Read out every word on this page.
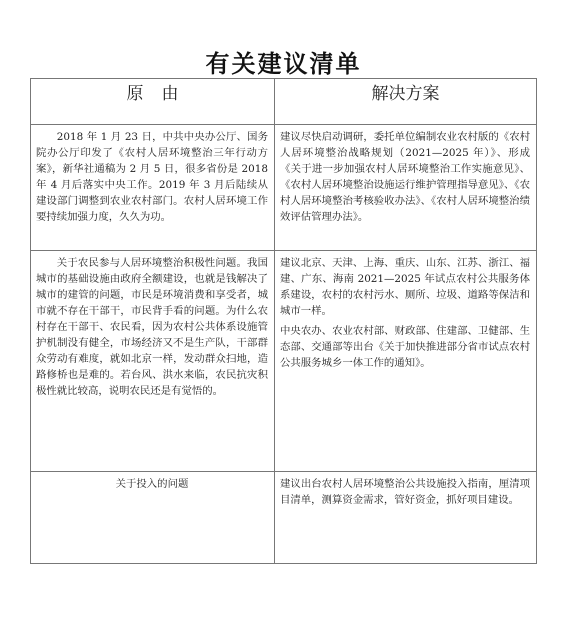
有关建议清单
原由	解决方案

2018 年 1 月 23 日，中共中央办公厅、国务院办公厅印发了《农村人居环境整治三年行动方案》，新华社通稿为 2 月 5 日，很多省份是 2018 年 4 月后落实中央工作。2019 年 3 月后陆续从建设部门调整到农业农村部门。农村人居环境工作要持续加强力度，久久为功。	建议尽快启动调研，委托单位编制农业农村版的《农村人居环境整治战略规划（2021—2025 年）》、形成《关于进一步加强农村人居环境整治工作实施意见》、《农村人居环境整治设施运行维护管理指导意见》、《农村人居环境整治考核验收办法》、《农村人居环境整治绩效评估管理办法》。

关于农民参与人居环境整治积极性问题。我国城市的基础设施由政府全额建设，也就是钱解决了城市的建管的问题，市民是环境消费和享受者，城市就不存在干部干，市民背手看的问题。为什么农村存在干部干、农民看，因为农村公共体系设施管护机制没有健全，市场经济又不是生产队，干部群众劳动有难度，就如北京一样，发动群众扫地，造路修桥也是难的。若台风、洪水来临，农民抗灾积极性就比较高，说明农民还是有觉悟的。	建议北京、天津、上海、重庆、山东、江苏、浙江、福建、广东、海南 2021—2025 年试点农村公共服务体系建设，农村的农村污水、厕所、垃圾、道路等保洁和城市一样。
中央农办、农业农村部、财政部、住建部、卫健部、生态部、交通部等出台《关于加快推进部分省市试点农村公共服务城乡一体工作的通知》。

关于投入的问题	建议出台农村人居环境整治公共设施投入指南，厘清项目清单，测算资金需求，管好资金，抓好项目建设。
